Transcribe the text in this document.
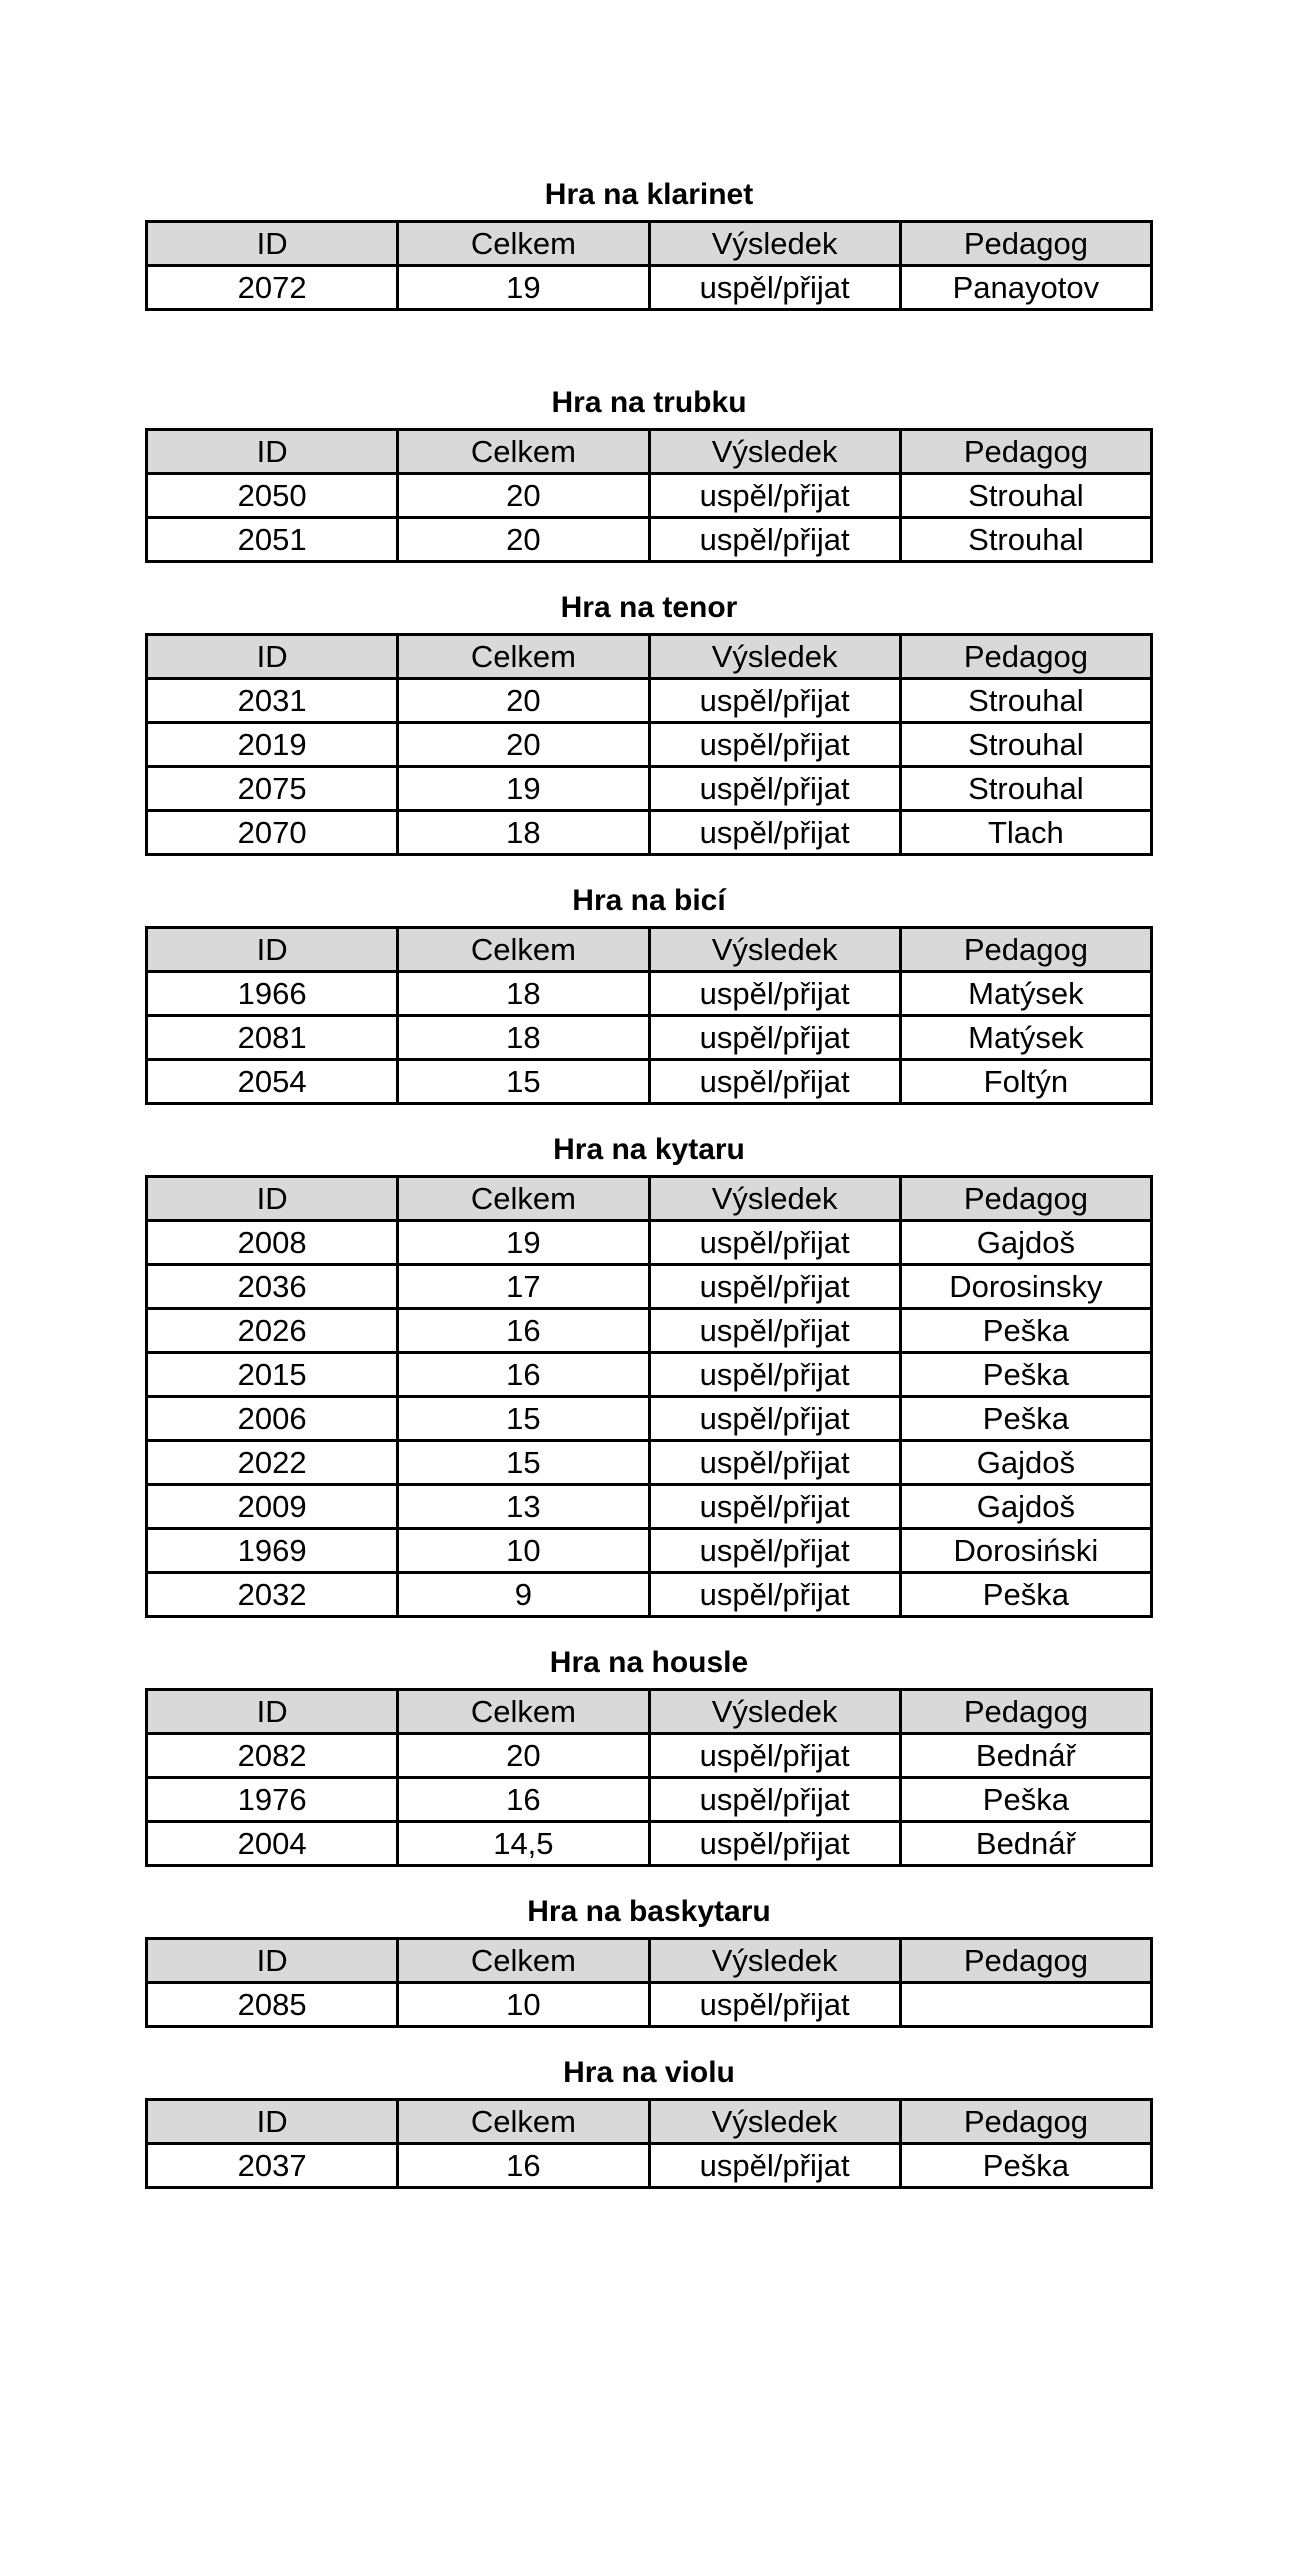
Hra na klarinet
ID	Celkem	Výsledek	Pedagog
2072	19	uspěl/přijat	Panayotov
Hra na trubku
ID	Celkem	Výsledek	Pedagog
2050	20	uspěl/přijat	Strouhal
2051	20	uspěl/přijat	Strouhal
Hra na tenor
ID	Celkem	Výsledek	Pedagog
2031	20	uspěl/přijat	Strouhal
2019	20	uspěl/přijat	Strouhal
2075	19	uspěl/přijat	Strouhal
2070	18	uspěl/přijat	Tlach
Hra na bicí
ID	Celkem	Výsledek	Pedagog
1966	18	uspěl/přijat	Matýsek
2081	18	uspěl/přijat	Matýsek
2054	15	uspěl/přijat	Foltýn
Hra na kytaru
ID	Celkem	Výsledek	Pedagog
2008	19	uspěl/přijat	Gajdoš
2036	17	uspěl/přijat	Dorosinsky
2026	16	uspěl/přijat	Peška
2015	16	uspěl/přijat	Peška
2006	15	uspěl/přijat	Peška
2022	15	uspěl/přijat	Gajdoš
2009	13	uspěl/přijat	Gajdoš
1969	10	uspěl/přijat	Dorosiński
2032	9	uspěl/přijat	Peška
Hra na housle
ID	Celkem	Výsledek	Pedagog
2082	20	uspěl/přijat	Bednář
1976	16	uspěl/přijat	Peška
2004	14,5	uspěl/přijat	Bednář
Hra na baskytaru
ID	Celkem	Výsledek	Pedagog
2085	10	uspěl/přijat	
Hra na violu
ID	Celkem	Výsledek	Pedagog
2037	16	uspěl/přijat	Peška
